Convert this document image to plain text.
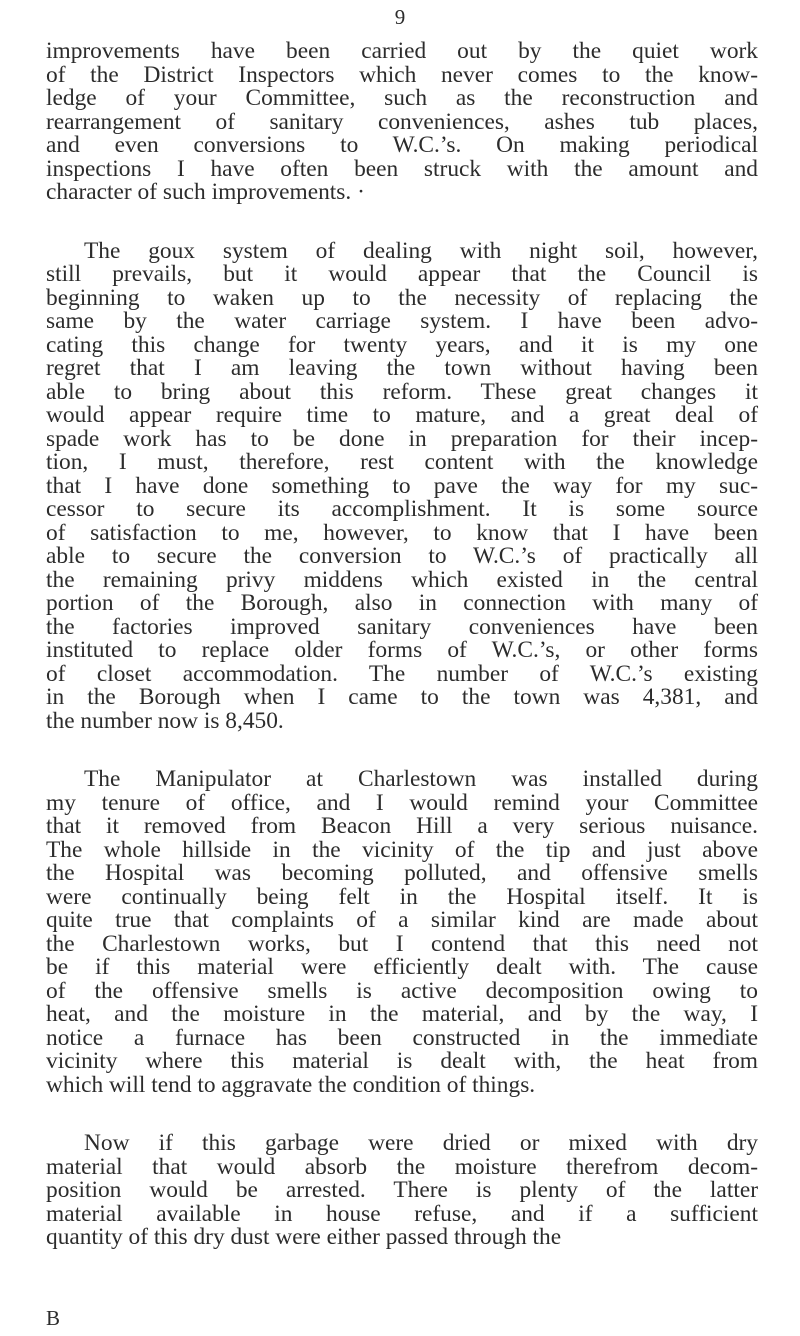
9
improvements have been carried out by the quiet work
of the District Inspectors which never comes to the know-
ledge of your Committee, such as the reconstruction and
rearrangement of sanitary conveniences, ashes tub places,
and even conversions to W.C.’s. On making periodical
inspections I have often been struck with the amount and
character of such improvements. ·
The goux system of dealing with night soil, however,
still prevails, but it would appear that the Council is
beginning to waken up to the necessity of replacing the
same by the water carriage system. I have been advo-
cating this change for twenty years, and it is my one
regret that I am leaving the town without having been
able to bring about this reform. These great changes it
would appear require time to mature, and a great deal of
spade work has to be done in preparation for their incep-
tion, I must, therefore, rest content with the knowledge
that I have done something to pave the way for my suc-
cessor to secure its accomplishment. It is some source
of satisfaction to me, however, to know that I have been
able to secure the conversion to W.C.’s of practically all
the remaining privy middens which existed in the central
portion of the Borough, also in connection with many of
the factories improved sanitary conveniences have been
instituted to replace older forms of W.C.’s, or other forms
of closet accommodation. The number of W.C.’s existing
in the Borough when I came to the town was 4,381, and
the number now is 8,450.
The Manipulator at Charlestown was installed during
my tenure of office, and I would remind your Committee
that it removed from Beacon Hill a very serious nuisance.
The whole hillside in the vicinity of the tip and just above
the Hospital was becoming polluted, and offensive smells
were continually being felt in the Hospital itself. It is
quite true that complaints of a similar kind are made about
the Charlestown works, but I contend that this need not
be if this material were efficiently dealt with. The cause
of the offensive smells is active decomposition owing to
heat, and the moisture in the material, and by the way, I
notice a furnace has been constructed in the immediate
vicinity where this material is dealt with, the heat from
which will tend to aggravate the condition of things.
Now if this garbage were dried or mixed with dry
material that would absorb the moisture therefrom decom-
position would be arrested. There is plenty of the latter
material available in house refuse, and if a sufficient
quantity of this dry dust were either passed through the
B
